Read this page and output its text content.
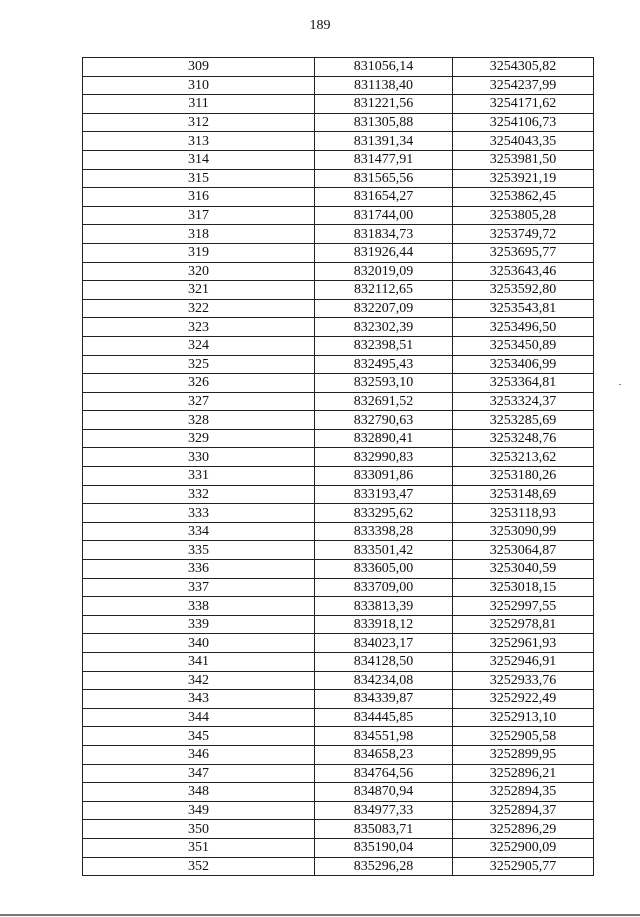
189
309	831056,14	3254305,82
310	831138,40	3254237,99
311	831221,56	3254171,62
312	831305,88	3254106,73
313	831391,34	3254043,35
314	831477,91	3253981,50
315	831565,56	3253921,19
316	831654,27	3253862,45
317	831744,00	3253805,28
318	831834,73	3253749,72
319	831926,44	3253695,77
320	832019,09	3253643,46
321	832112,65	3253592,80
322	832207,09	3253543,81
323	832302,39	3253496,50
324	832398,51	3253450,89
325	832495,43	3253406,99
326	832593,10	3253364,81
327	832691,52	3253324,37
328	832790,63	3253285,69
329	832890,41	3253248,76
330	832990,83	3253213,62
331	833091,86	3253180,26
332	833193,47	3253148,69
333	833295,62	3253118,93
334	833398,28	3253090,99
335	833501,42	3253064,87
336	833605,00	3253040,59
337	833709,00	3253018,15
338	833813,39	3252997,55
339	833918,12	3252978,81
340	834023,17	3252961,93
341	834128,50	3252946,91
342	834234,08	3252933,76
343	834339,87	3252922,49
344	834445,85	3252913,10
345	834551,98	3252905,58
346	834658,23	3252899,95
347	834764,56	3252896,21
348	834870,94	3252894,35
349	834977,33	3252894,37
350	835083,71	3252896,29
351	835190,04	3252900,09
352	835296,28	3252905,77
